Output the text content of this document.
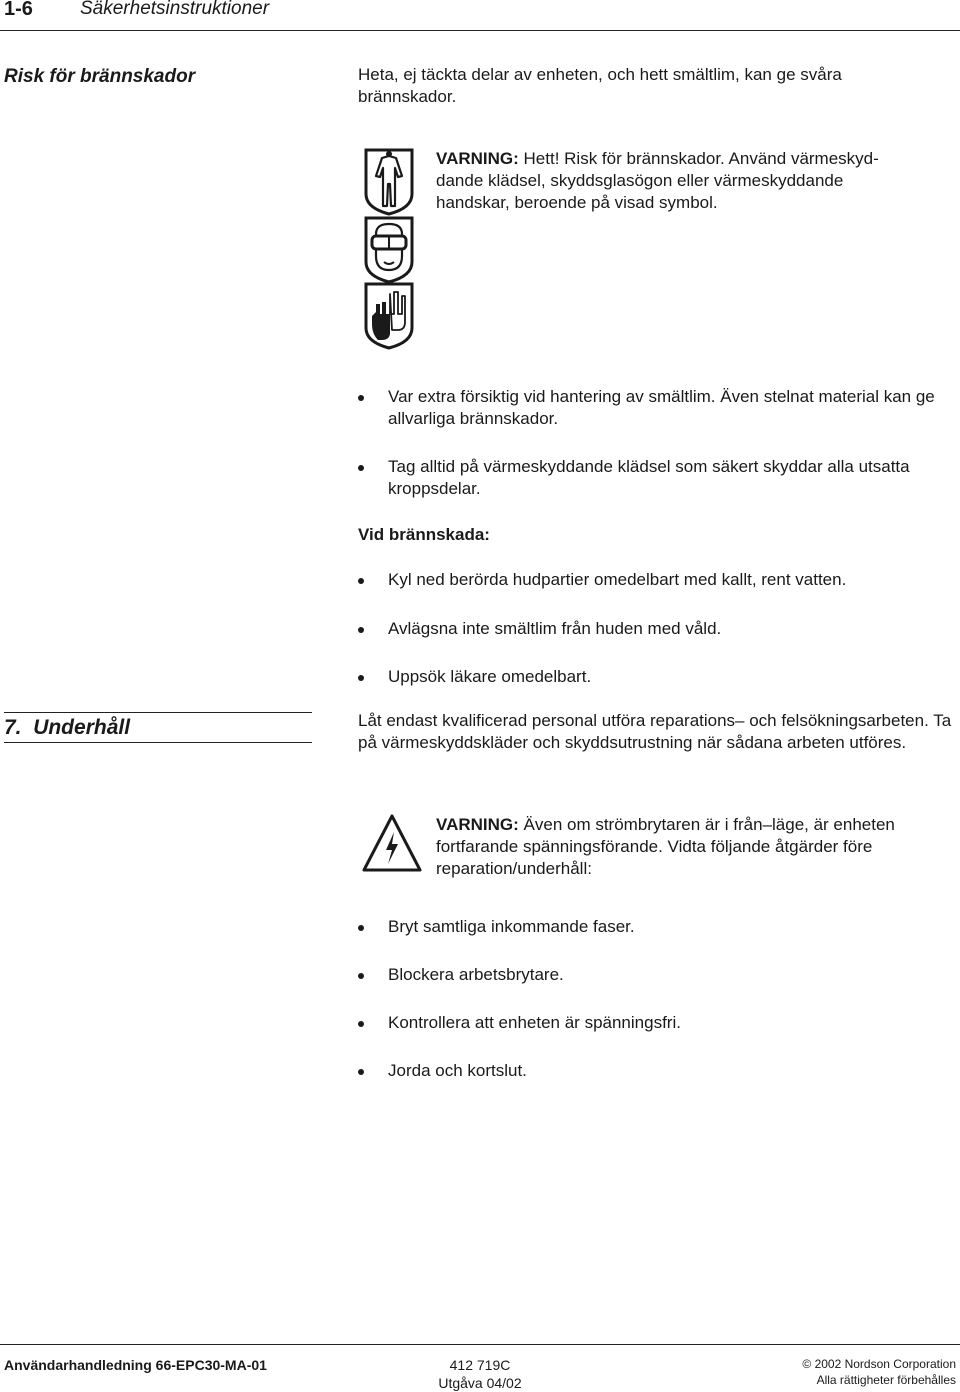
1-6 Säkerhetsinstruktioner
Risk för brännskador	Heta, ej täckta delar av enheten, och hett smältlim, kan ge svåra brännskador.
VARNING: Hett! Risk för brännskador. Använd värmeskyd-dande klädsel, skyddsglasögon eller värmeskyddande handskar, beroende på visad symbol.
Var extra försiktig vid hantering av smältlim. Även stelnat material kan ge allvarliga brännskador.
Tag alltid på värmeskyddande klädsel som säkert skyddar alla utsatta kroppsdelar.
Vid brännskada:
Kyl ned berörda hudpartier omedelbart med kallt, rent vatten.
Avlägsna inte smältlim från huden med våld.
Uppsök läkare omedelbart.
7. Underhåll	Låt endast kvalificerad personal utföra reparations– och felsökningsarbeten. Ta på värmeskyddskläder och skyddsutrustning när sådana arbeten utföres.
VARNING: Även om strömbrytaren är i från–läge, är enheten fortfarande spänningsförande. Vidta följande åtgärder före reparation/underhåll:
Bryt samtliga inkommande faser.
Blockera arbetsbrytare.
Kontrollera att enheten är spänningsfri.
Jorda och kortslut.
Användarhandledning 66-EPC30-MA-01	412 719C
Utgåva 04/02
© 2002 Nordson Corporation
Alla rättigheter förbehålles
